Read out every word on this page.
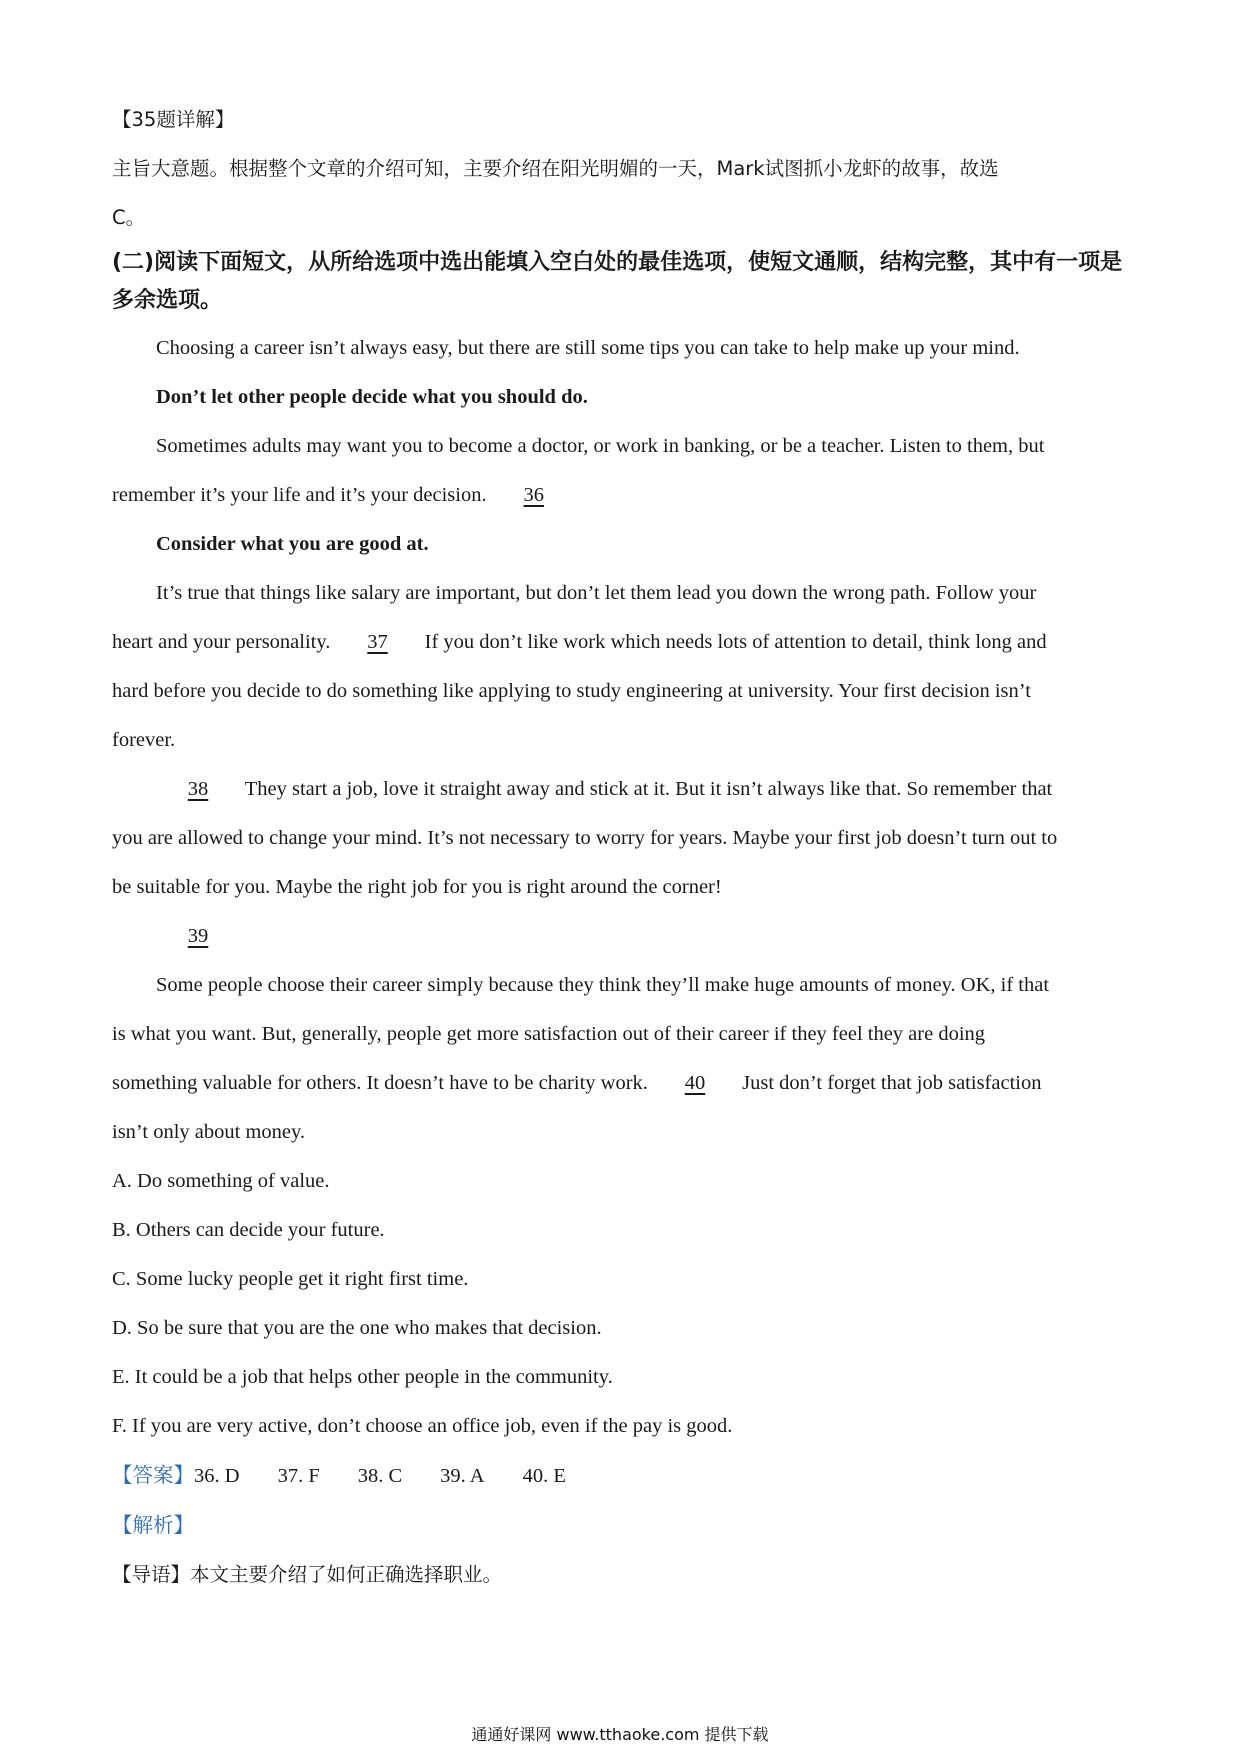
【35题详解】
主旨大意题。根据整个文章的介绍可知，主要介绍在阳光明媚的一天，Mark试图抓小龙虾的故事，故选
C。
(二)阅读下面短文，从所给选项中选出能填入空白处的最佳选项，使短文通顺，结构完整，其中有一项是多余选项。
Choosing a career isn’t always easy, but there are still some tips you can take to help make up your mind.
Don’t let other people decide what you should do.
Sometimes adults may want you to become a doctor, or work in banking, or be a teacher. Listen to them, but
remember it’s your life and it’s your decision. 36
Consider what you are good at.
It’s true that things like salary are important, but don’t let them lead you down the wrong path. Follow your
heart and your personality. 37 If you don’t like work which needs lots of attention to detail, think long and
hard before you decide to do something like applying to study engineering at university. Your first decision isn’t
forever.
38 They start a job, love it straight away and stick at it. But it isn’t always like that. So remember that
you are allowed to change your mind. It’s not necessary to worry for years. Maybe your first job doesn’t turn out to
be suitable for you. Maybe the right job for you is right around the corner!
39
Some people choose their career simply because they think they’ll make huge amounts of money. OK, if that
is what you want. But, generally, people get more satisfaction out of their career if they feel they are doing
something valuable for others. It doesn’t have to be charity work. 40 Just don’t forget that job satisfaction
isn’t only about money.
A. Do something of value.
B. Others can decide your future.
C. Some lucky people get it right first time.
D. So be sure that you are the one who makes that decision.
E. It could be a job that helps other people in the community.
F. If you are very active, don’t choose an office job, even if the pay is good.
【答案】36. D 37. F 38. C 39. A 40. E
【解析】
【导语】本文主要介绍了如何正确选择职业。
通通好课网 www.tthaoke.com 提供下载
